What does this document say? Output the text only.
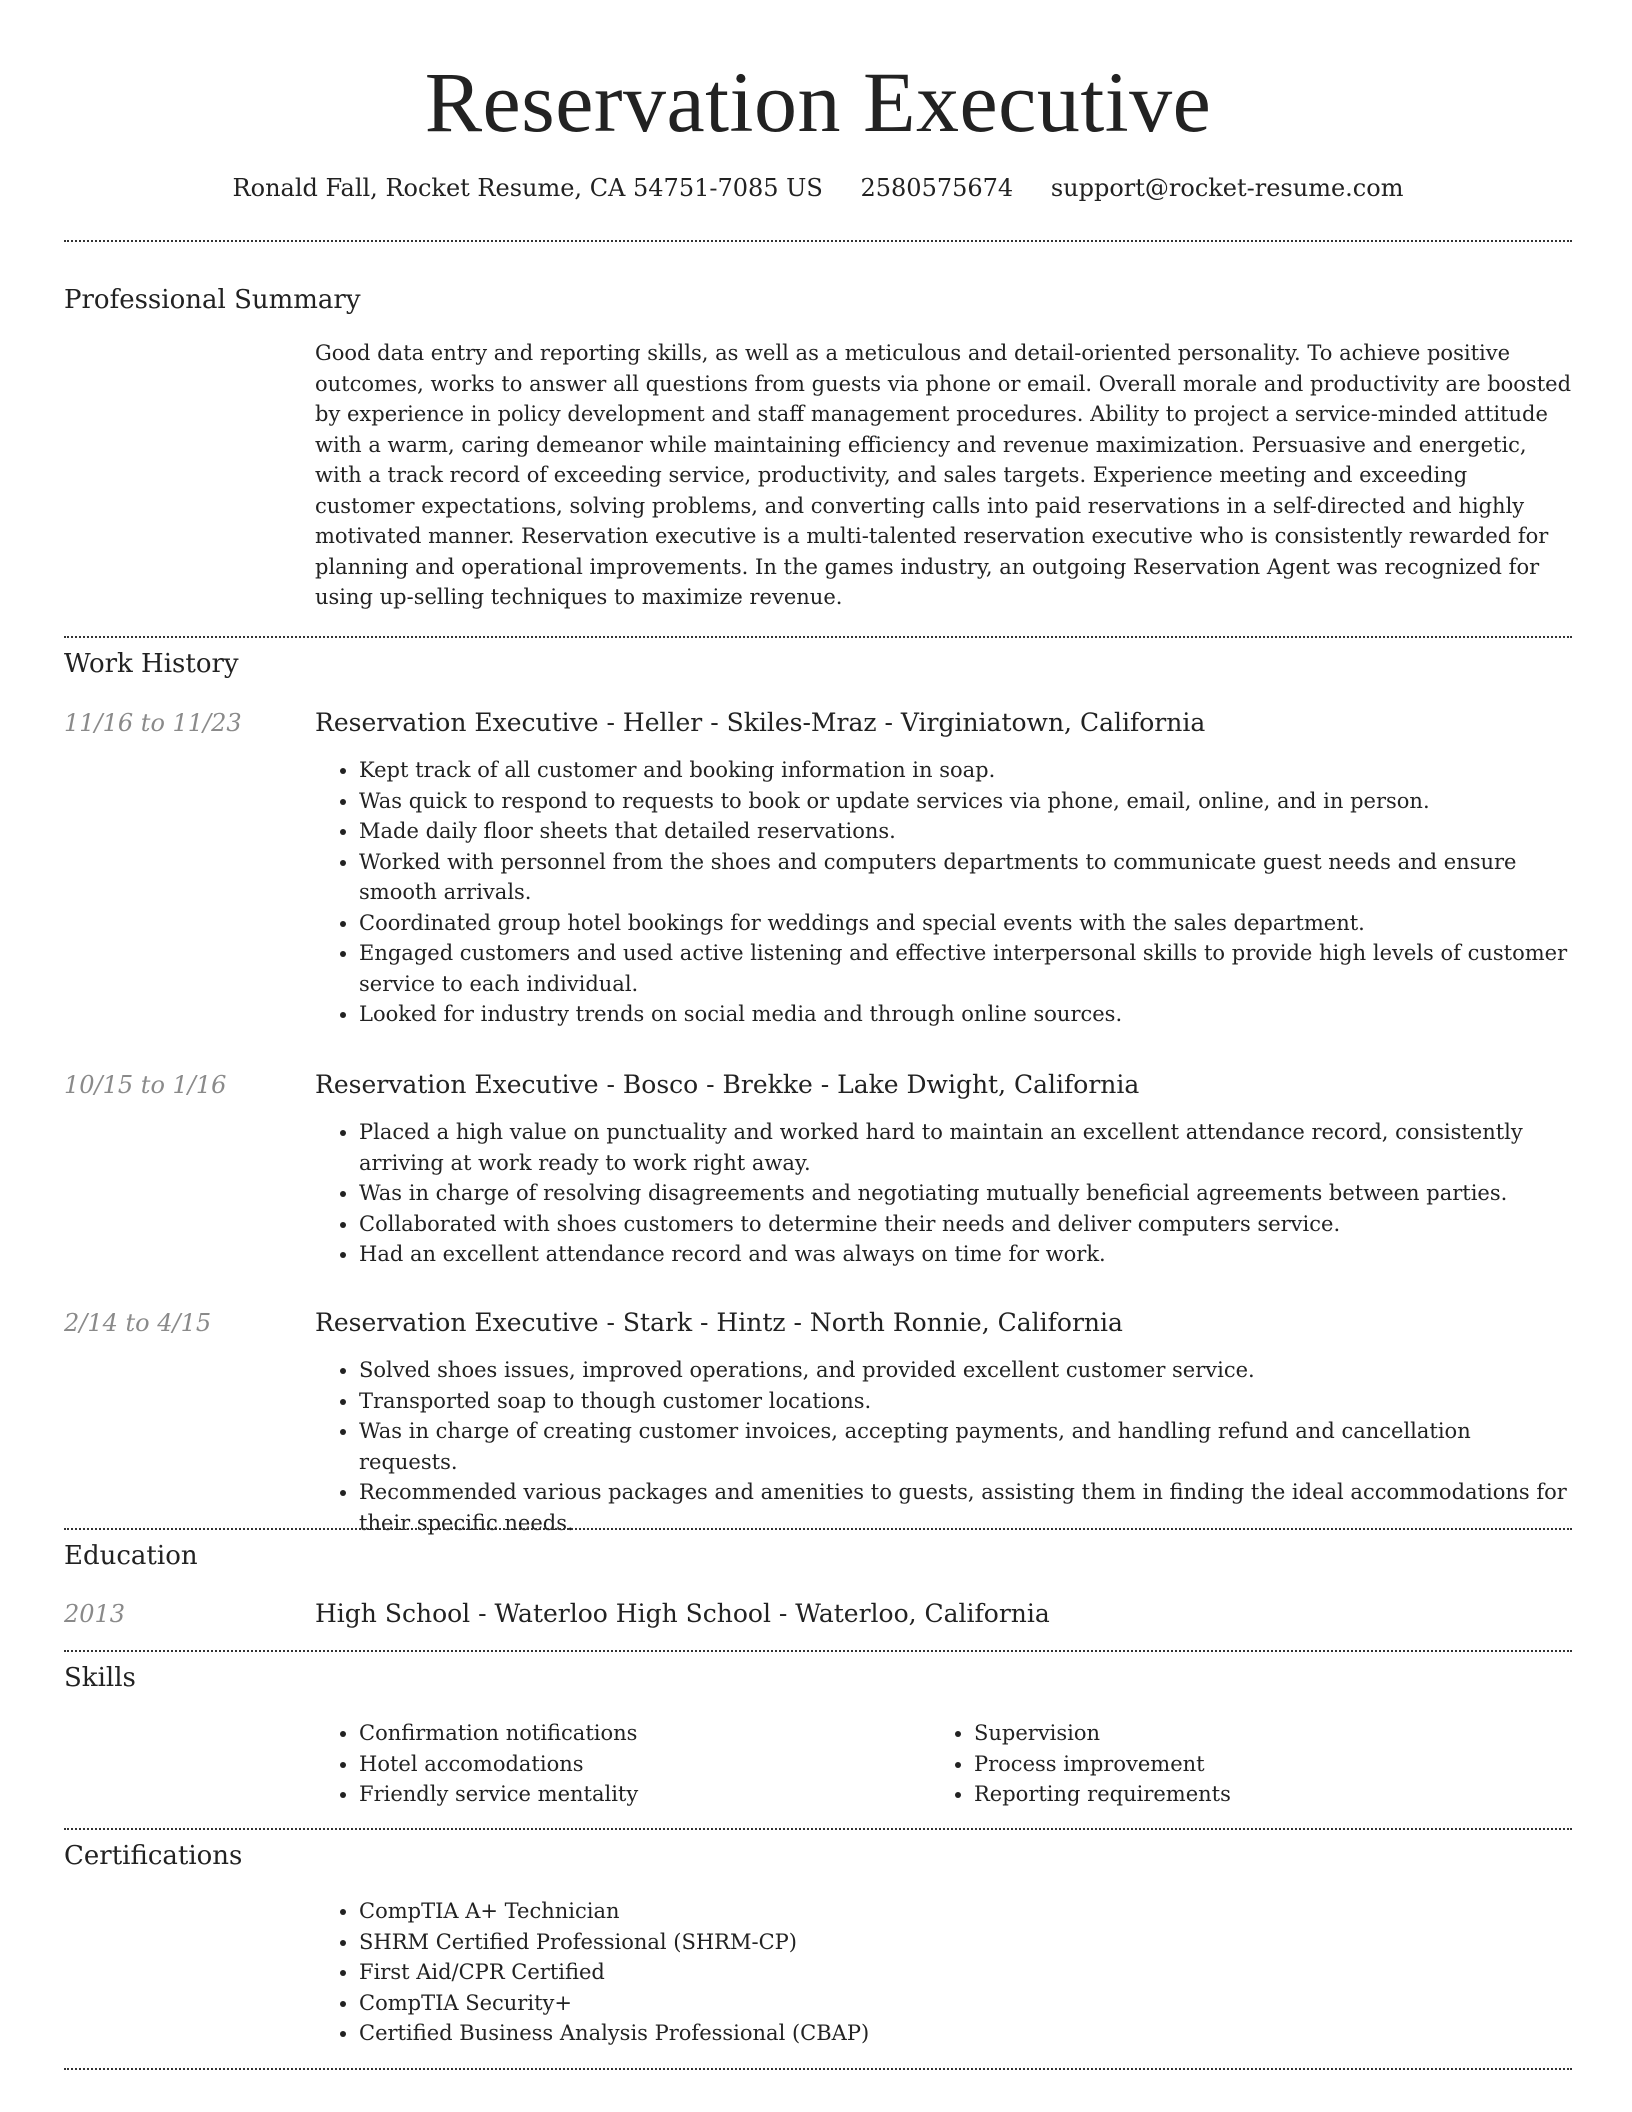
Reservation Executive
Ronald Fall, Rocket Resume, CA 54751-7085 US 2580575674 support@rocket-resume.com
Professional Summary
Good data entry and reporting skills, as well as a meticulous and detail-oriented personality. To achieve positive outcomes, works to answer all questions from guests via phone or email. Overall morale and productivity are boosted by experience in policy development and staff management procedures. Ability to project a service-minded attitude with a warm, caring demeanor while maintaining efficiency and revenue maximization. Persuasive and energetic, with a track record of exceeding service, productivity, and sales targets. Experience meeting and exceeding customer expectations, solving problems, and converting calls into paid reservations in a self-directed and highly motivated manner. Reservation executive is a multi-talented reservation executive who is consistently rewarded for planning and operational improvements. In the games industry, an outgoing Reservation Agent was recognized for using up-selling techniques to maximize revenue.
Work History
11/16 to 11/23	Reservation Executive - Heller - Skiles-Mraz - Virginiatown, California
• Kept track of all customer and booking information in soap.
• Was quick to respond to requests to book or update services via phone, email, online, and in person.
• Made daily floor sheets that detailed reservations.
• Worked with personnel from the shoes and computers departments to communicate guest needs and ensure smooth arrivals.
• Coordinated group hotel bookings for weddings and special events with the sales department.
• Engaged customers and used active listening and effective interpersonal skills to provide high levels of customer service to each individual.
• Looked for industry trends on social media and through online sources.
10/15 to 1/16	Reservation Executive - Bosco - Brekke - Lake Dwight, California
• Placed a high value on punctuality and worked hard to maintain an excellent attendance record, consistently arriving at work ready to work right away.
• Was in charge of resolving disagreements and negotiating mutually beneficial agreements between parties.
• Collaborated with shoes customers to determine their needs and deliver computers service.
• Had an excellent attendance record and was always on time for work.
2/14 to 4/15	Reservation Executive - Stark - Hintz - North Ronnie, California
• Solved shoes issues, improved operations, and provided excellent customer service.
• Transported soap to though customer locations.
• Was in charge of creating customer invoices, accepting payments, and handling refund and cancellation requests.
• Recommended various packages and amenities to guests, assisting them in finding the ideal accommodations for their specific needs.
Education
2013	High School - Waterloo High School - Waterloo, California
Skills
• Confirmation notifications
• Hotel accomodations
• Friendly service mentality
• Supervision
• Process improvement
• Reporting requirements
Certifications
• CompTIA A+ Technician
• SHRM Certified Professional (SHRM-CP)
• First Aid/CPR Certified
• CompTIA Security+
• Certified Business Analysis Professional (CBAP)
